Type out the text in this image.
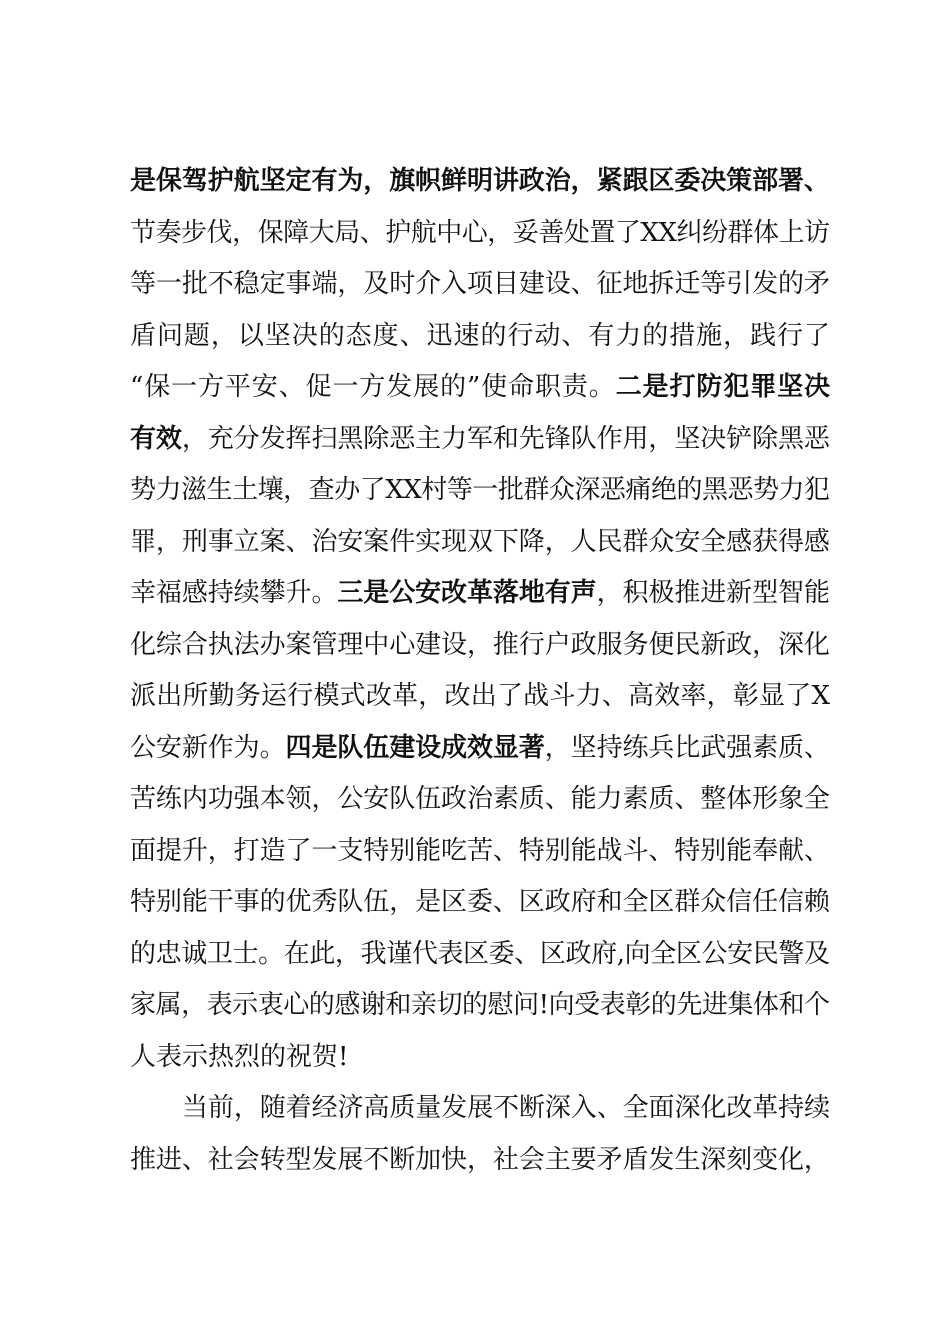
是保驾护航坚定有为，旗帜鲜明讲政治，紧跟区委决策部署、
节奏步伐，保障大局、护航中心，妥善处置了XX纠纷群体上访
等一批不稳定事端，及时介入项目建设、征地拆迁等引发的矛
盾问题，以坚决的态度、迅速的行动、有力的措施，践行了
“保一方平安、促一方发展的”使命职责。二是打防犯罪坚决
有效，充分发挥扫黑除恶主力军和先锋队作用，坚决铲除黑恶
势力滋生土壤，查办了XX村等一批群众深恶痛绝的黑恶势力犯
罪，刑事立案、治安案件实现双下降，人民群众安全感获得感
幸福感持续攀升。三是公安改革落地有声，积极推进新型智能
化综合执法办案管理中心建设，推行户政服务便民新政，深化
派出所勤务运行模式改革，改出了战斗力、高效率，彰显了X
公安新作为。四是队伍建设成效显著，坚持练兵比武强素质、
苦练内功强本领，公安队伍政治素质、能力素质、整体形象全
面提升，打造了一支特别能吃苦、特别能战斗、特别能奉献、
特别能干事的优秀队伍，是区委、区政府和全区群众信任信赖
的忠诚卫士。在此，我谨代表区委、区政府,向全区公安民警及
家属，表示衷心的感谢和亲切的慰问!向受表彰的先进集体和个
人表示热烈的祝贺!
当前，随着经济高质量发展不断深入、全面深化改革持续
推进、社会转型发展不断加快，社会主要矛盾发生深刻变化，
